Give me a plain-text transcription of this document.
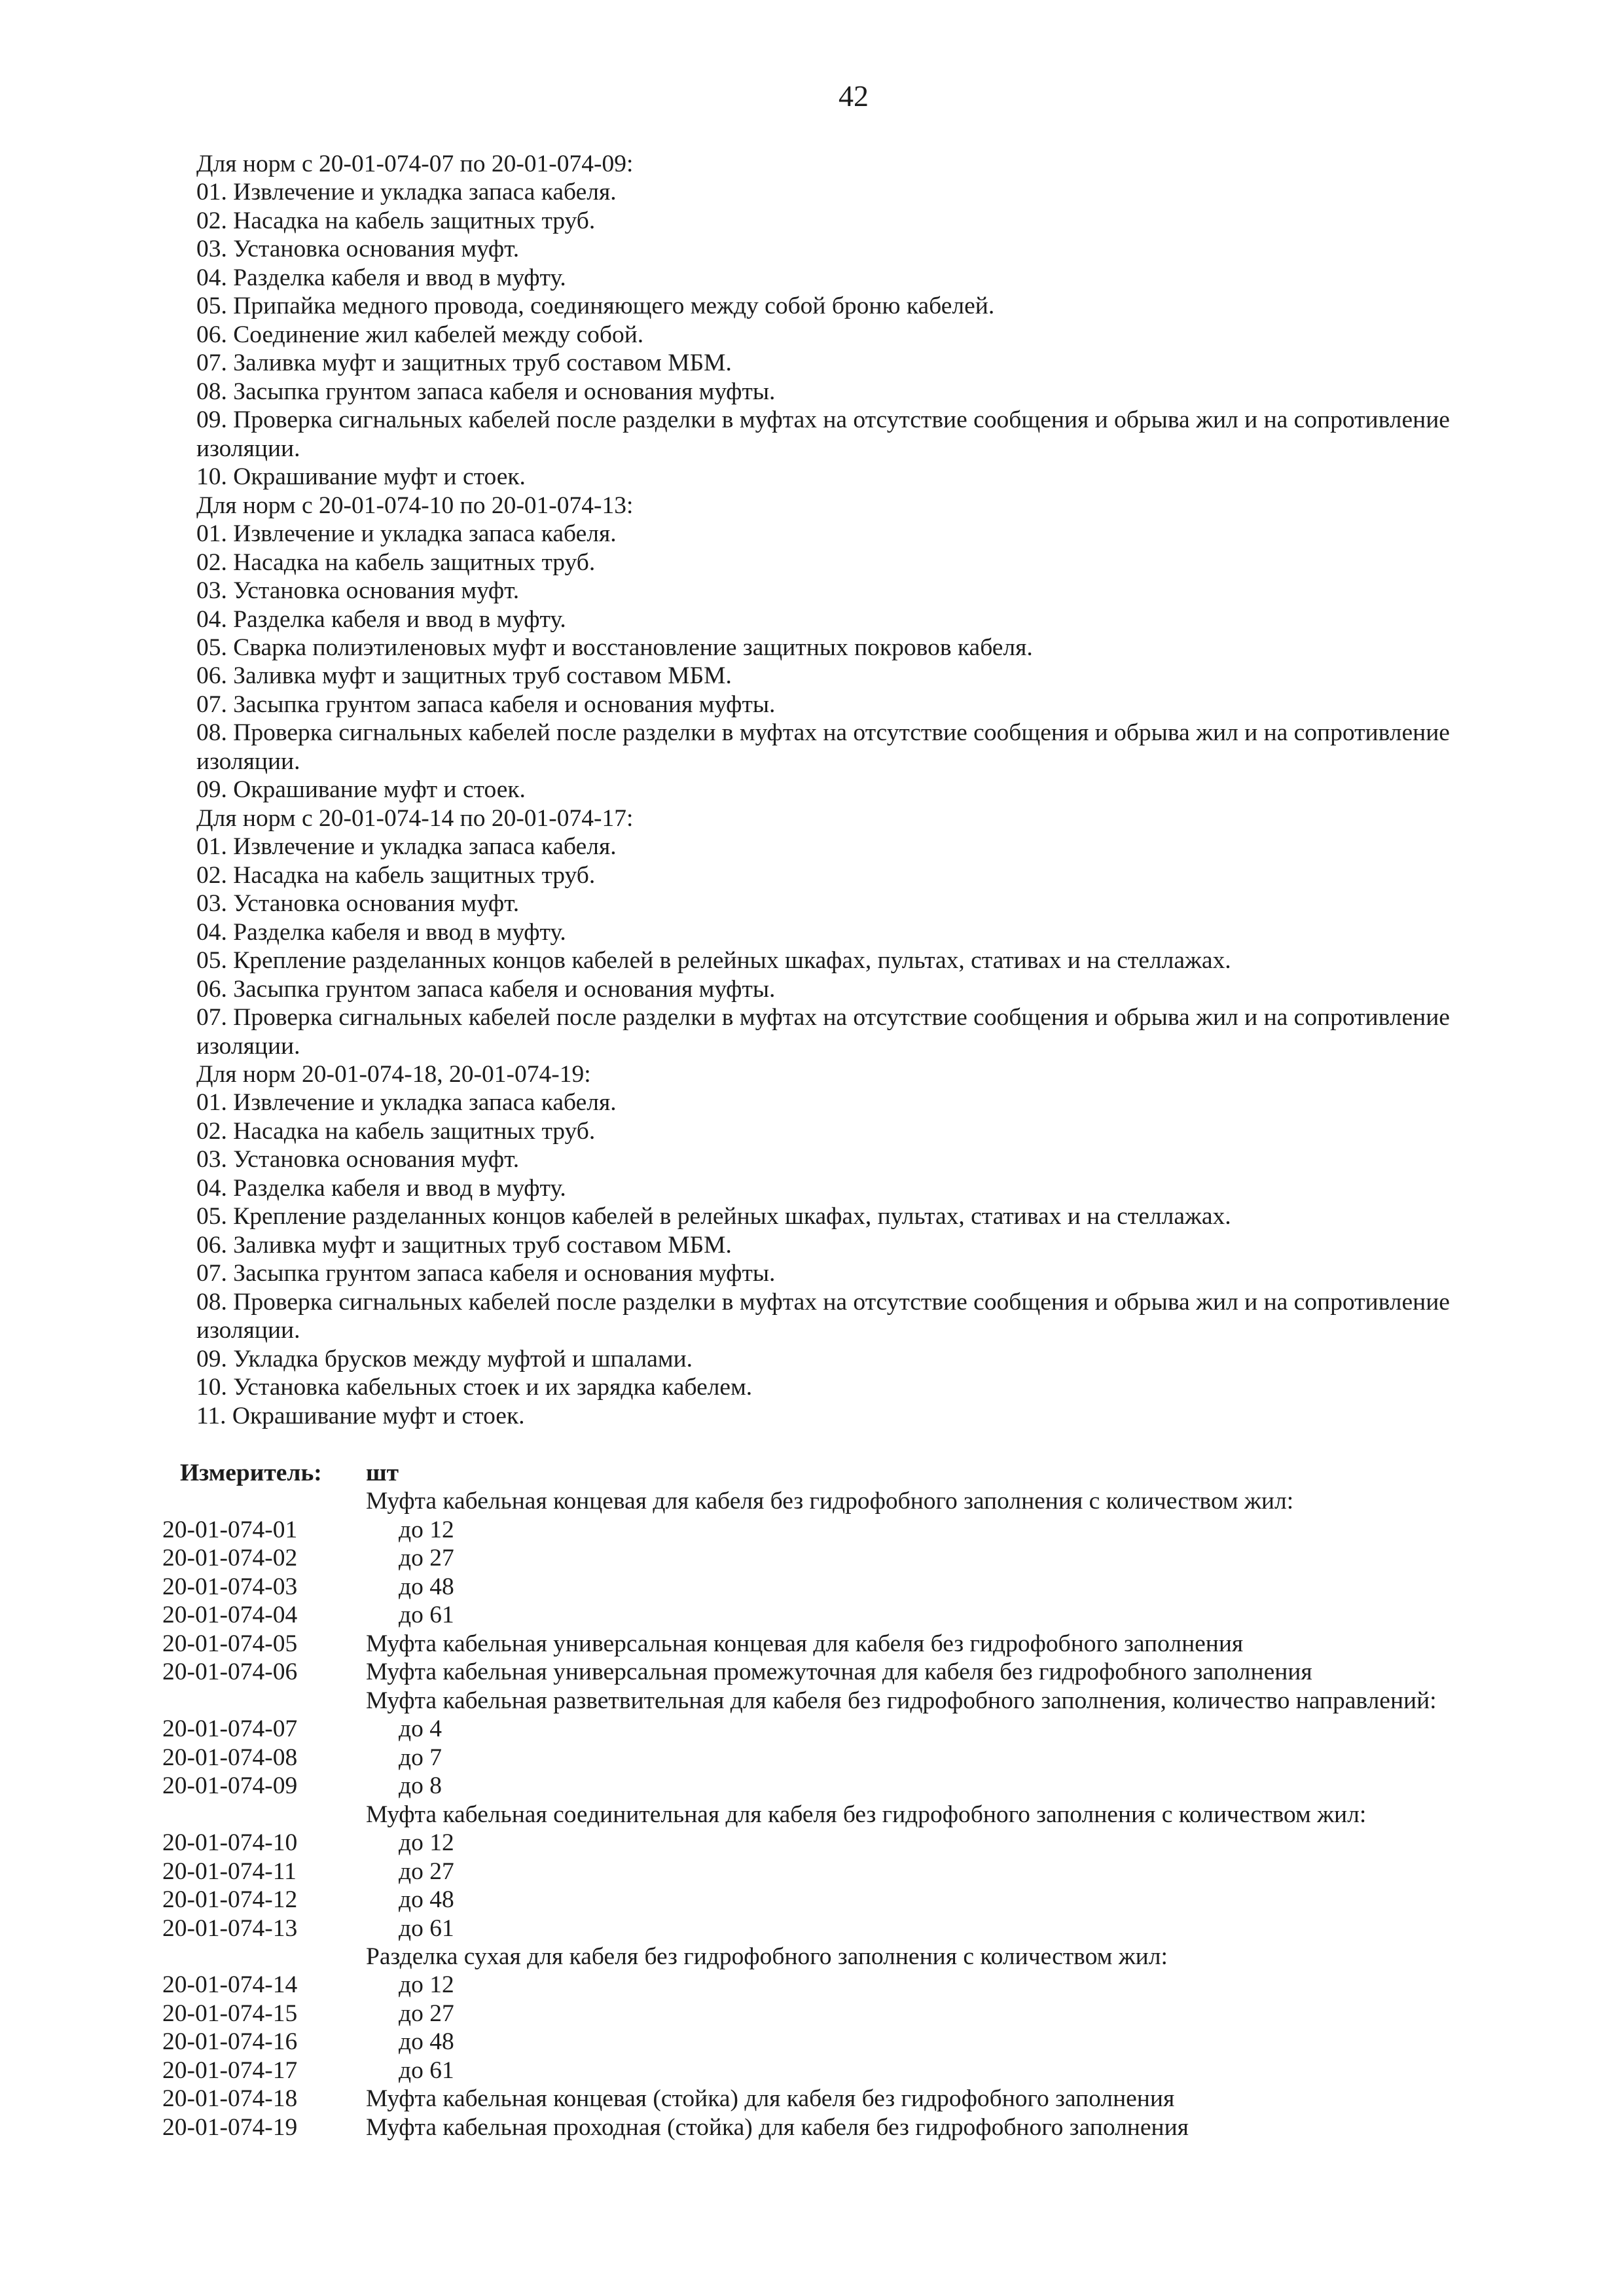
42
Для норм с 20-01-074-07 по 20-01-074-09:
01. Извлечение и укладка запаса кабеля.
02. Насадка на кабель защитных труб.
03. Установка основания муфт.
04. Разделка кабеля и ввод в муфту.
05. Припайка медного провода, соединяющего между собой броню кабелей.
06. Соединение жил кабелей между собой.
07. Заливка муфт и защитных труб составом МБМ.
08. Засыпка грунтом запаса кабеля и основания муфты.
09. Проверка сигнальных кабелей после разделки в муфтах на отсутствие сообщения и обрыва жил и на сопротивление изоляции.
10. Окрашивание муфт и стоек.
Для норм с 20-01-074-10 по 20-01-074-13:
01. Извлечение и укладка запаса кабеля.
02. Насадка на кабель защитных труб.
03. Установка основания муфт.
04. Разделка кабеля и ввод в муфту.
05. Сварка полиэтиленовых муфт и восстановление защитных покровов кабеля.
06. Заливка муфт и защитных труб составом МБМ.
07. Засыпка грунтом запаса кабеля и основания муфты.
08. Проверка сигнальных кабелей после разделки в муфтах на отсутствие сообщения и обрыва жил и на сопротивление изоляции.
09. Окрашивание муфт и стоек.
Для норм с 20-01-074-14 по 20-01-074-17:
01. Извлечение и укладка запаса кабеля.
02. Насадка на кабель защитных труб.
03. Установка основания муфт.
04. Разделка кабеля и ввод в муфту.
05. Крепление разделанных концов кабелей в релейных шкафах, пультах, стативах и на стеллажах.
06. Засыпка грунтом запаса кабеля и основания муфты.
07. Проверка сигнальных кабелей после разделки в муфтах на отсутствие сообщения и обрыва жил и на сопротивление изоляции.
Для норм 20-01-074-18, 20-01-074-19:
01. Извлечение и укладка запаса кабеля.
02. Насадка на кабель защитных труб.
03. Установка основания муфт.
04. Разделка кабеля и ввод в муфту.
05. Крепление разделанных концов кабелей в релейных шкафах, пультах, стативах и на стеллажах.
06. Заливка муфт и защитных труб составом МБМ.
07. Засыпка грунтом запаса кабеля и основания муфты.
08. Проверка сигнальных кабелей после разделки в муфтах на отсутствие сообщения и обрыва жил и на сопротивление изоляции.
09. Укладка брусков между муфтой и шпалами.
10. Установка кабельных стоек и их зарядка кабелем.
11. Окрашивание муфт и стоек.
Измеритель: шт
Муфта кабельная концевая для кабеля без гидрофобного заполнения с количеством жил:
20-01-074-01	до 12
20-01-074-02	до 27
20-01-074-03	до 48
20-01-074-04	до 61
20-01-074-05	Муфта кабельная универсальная концевая для кабеля без гидрофобного заполнения
20-01-074-06	Муфта кабельная универсальная промежуточная для кабеля без гидрофобного заполнения
Муфта кабельная разветвительная для кабеля без гидрофобного заполнения, количество направлений:
20-01-074-07	до 4
20-01-074-08	до 7
20-01-074-09	до 8
Муфта кабельная соединительная для кабеля без гидрофобного заполнения с количеством жил:
20-01-074-10	до 12
20-01-074-11	до 27
20-01-074-12	до 48
20-01-074-13	до 61
Разделка сухая для кабеля без гидрофобного заполнения с количеством жил:
20-01-074-14	до 12
20-01-074-15	до 27
20-01-074-16	до 48
20-01-074-17	до 61
20-01-074-18	Муфта кабельная концевая (стойка) для кабеля без гидрофобного заполнения
20-01-074-19	Муфта кабельная проходная (стойка) для кабеля без гидрофобного заполнения
